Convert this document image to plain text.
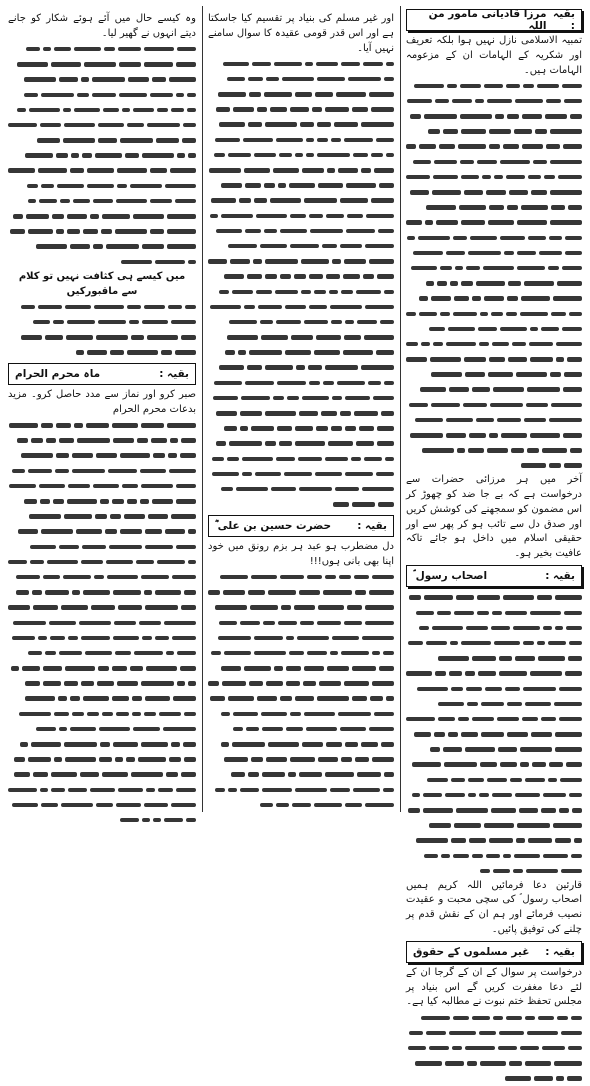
بقیہ :
مرزا قادیانی مامور من اللہ

تمبیہ الاسلامی نازل نہیں ہوا بلکہ تعریف اور شکریہ کے الہامات ان کے مزعومہ الہامات ہیں۔

آخر میں ہر مرزائی حضرات سے درخواست ہے کہ بے جا ضد کو چھوڑ کر اس مضمون کو سمجھنے کی کوشش کریں اور صدق دل سے تائب ہو کر پھر سے اور حقیقی اسلام میں داخل ہو جائے تاکہ عافیت بخیر ہو۔

بقیہ :
اصحاب رسول ؐ

قارئین دعا فرمائیں اللہ کریم ہمیں اصحاب رسول ؐ کی سچی محبت و عقیدت نصیب فرمائے اور ہم ان کے نقش قدم پر چلنے کی توفیق پائیں۔

بقیہ :
غیر مسلموں کے حقوق

درخواست پر سوال کے ان کے گرجا ان کے لئے دعا مغفرت کریں گے اس بنیاد پر مجلس تحفظ ختم نبوت نے مطالبہ کیا ہے۔

اور غیر مسلم کی بنیاد پر تقسیم کیا جاسکتا ہے اور اس قدر قومی عقیدہ کا سوال سامنے نہیں آیا۔

بقیہ :
حضرت حسین بن علی ؓ

دل مضطرب ہو عبد ہر بزم رونق میں خود اپنا بھی بانی ہوں!!!

وہ کیسے حال میں آئے ہوئے شکار کو جانے دیتے انہوں نے گھیر لیا۔

میں کیسے ہی کثافت نہیں تو کلام سے ماقبورکیں

بقیہ :
ماہ محرم الحرام

صبر کرو اور نماز سے مدد حاصل کرو۔ مزید بدعات محرم الحرام
